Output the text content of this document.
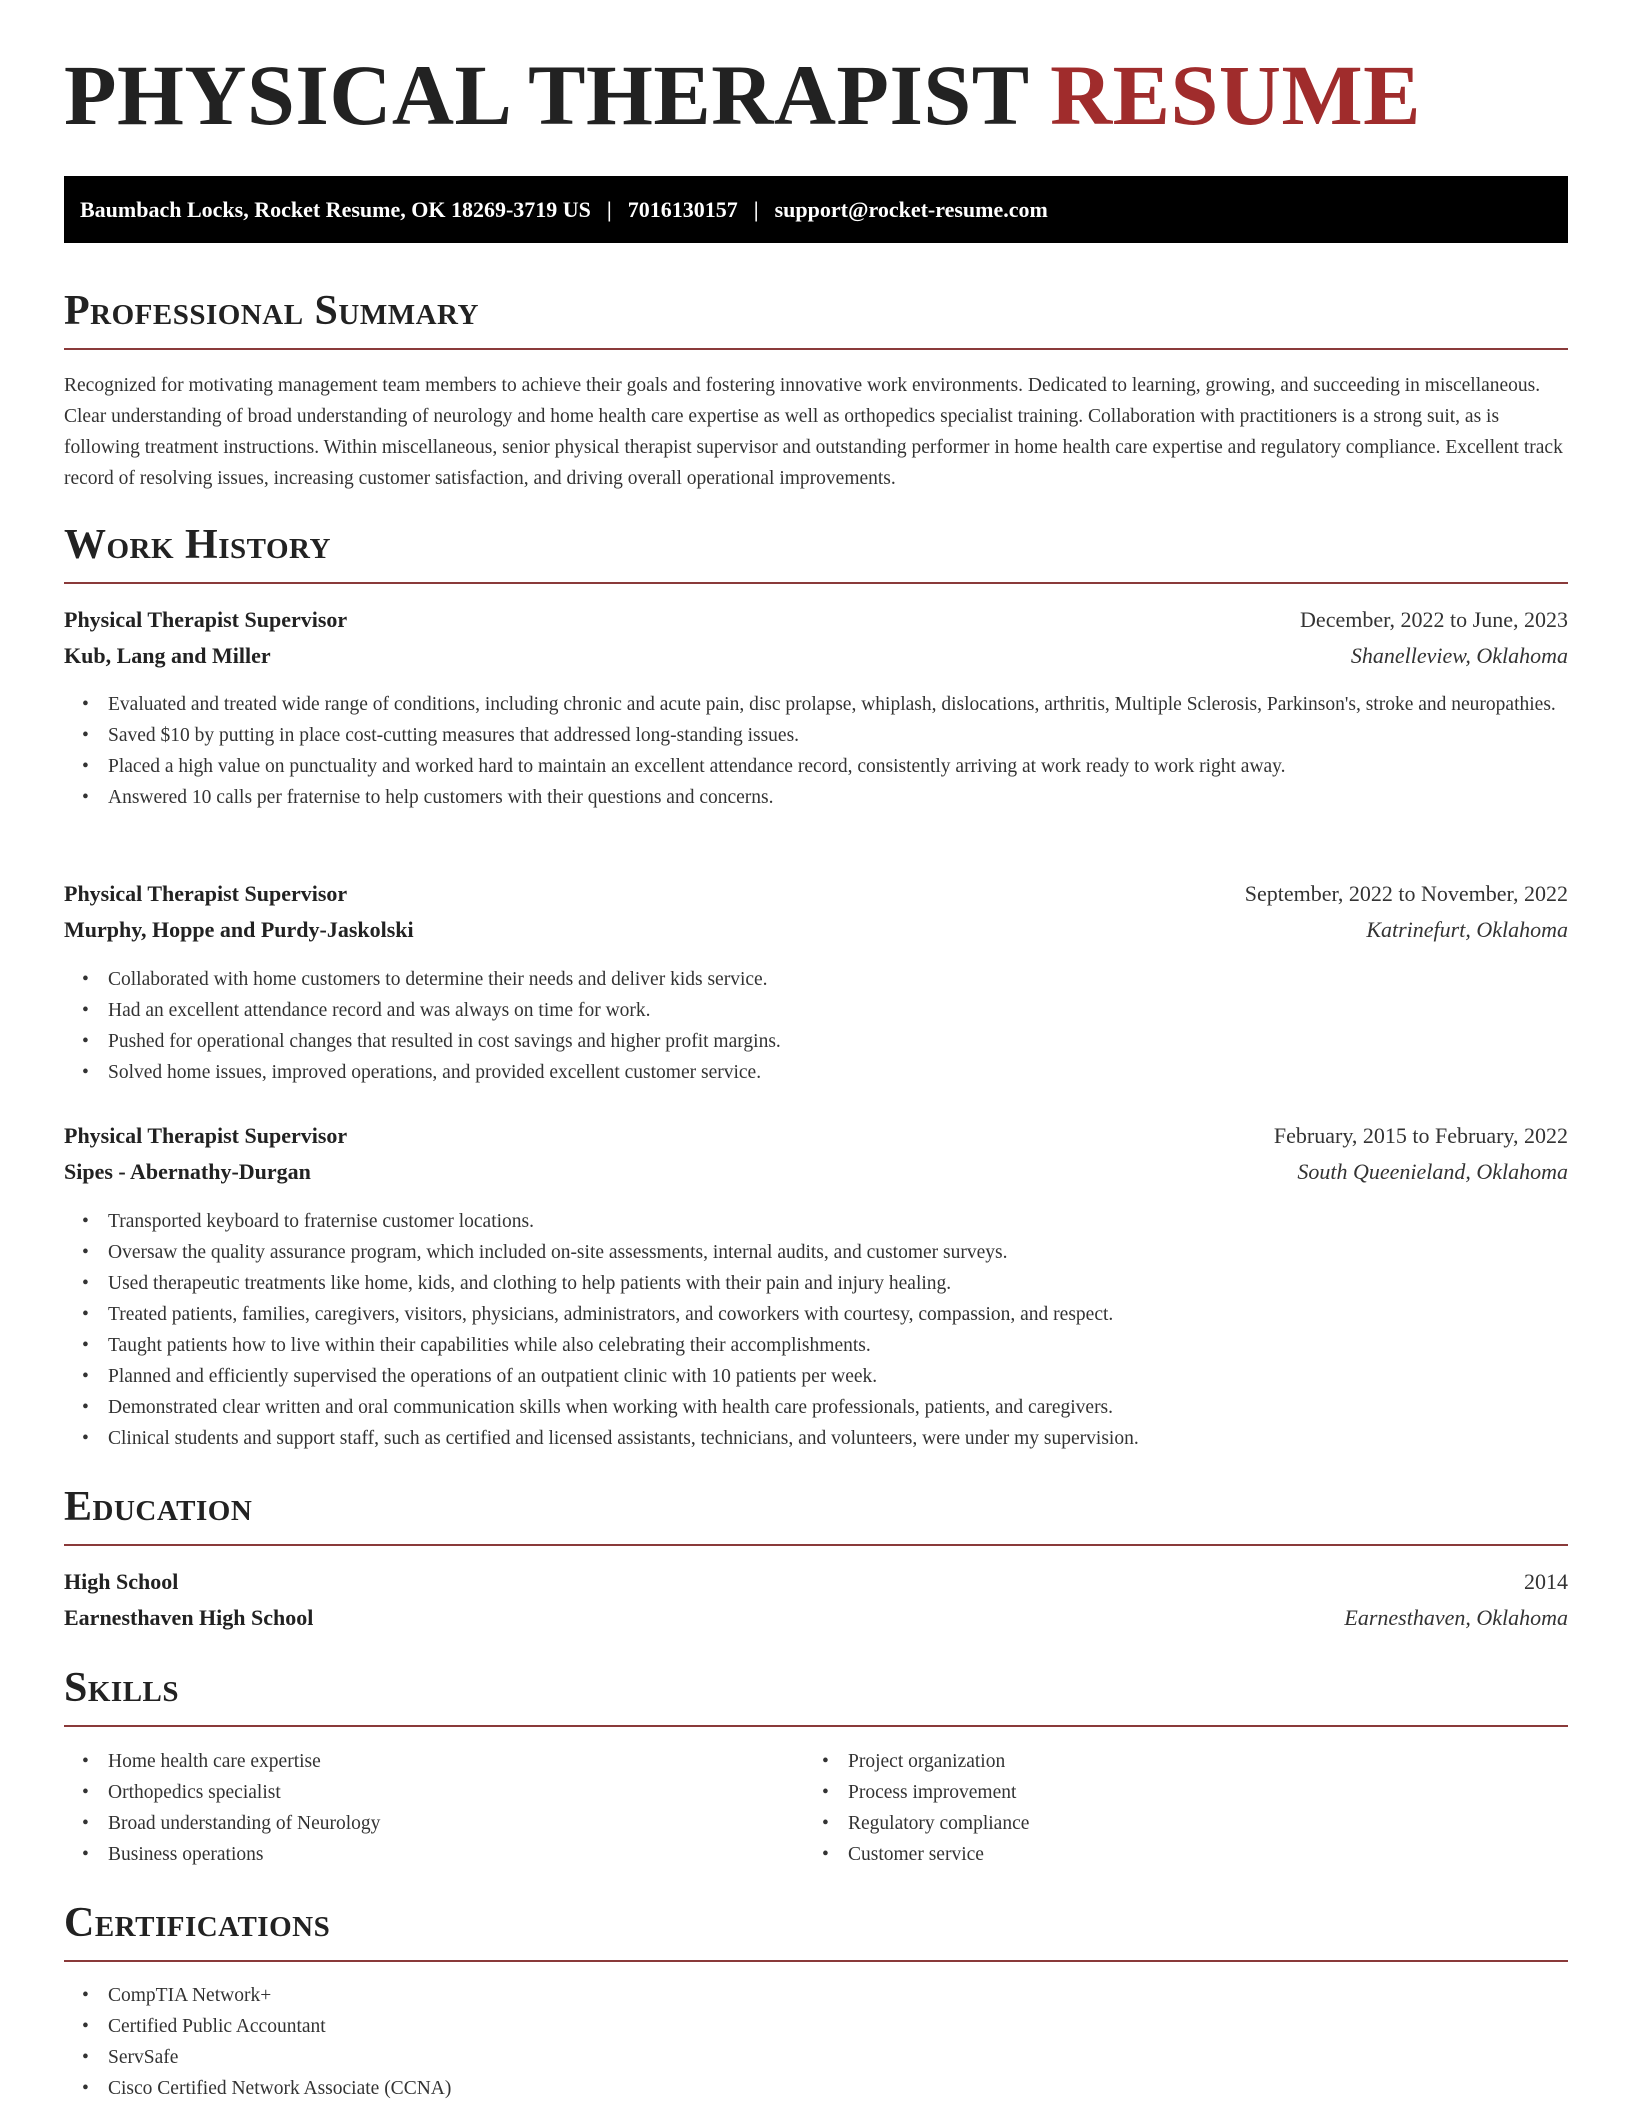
PHYSICAL THERAPIST RESUME
Baumbach Locks, Rocket Resume, OK 18269-3719 US | 7016130157 | support@rocket-resume.com
Professional Summary

Recognized for motivating management team members to achieve their goals and fostering innovative work environments. Dedicated to learning, growing, and succeeding in miscellaneous. Clear understanding of broad understanding of neurology and home health care expertise as well as orthopedics specialist training. Collaboration with practitioners is a strong suit, as is following treatment instructions. Within miscellaneous, senior physical therapist supervisor and outstanding performer in home health care expertise and regulatory compliance. Excellent track record of resolving issues, increasing customer satisfaction, and driving overall operational improvements.

Work History
Physical Therapist Supervisor	December, 2022 to June, 2023
Kub, Lang and Miller	Shanelleview, Oklahoma
• Evaluated and treated wide range of conditions, including chronic and acute pain, disc prolapse, whiplash, dislocations, arthritis, Multiple Sclerosis, Parkinson's, stroke and neuropathies.
• Saved $10 by putting in place cost-cutting measures that addressed long-standing issues.
• Placed a high value on punctuality and worked hard to maintain an excellent attendance record, consistently arriving at work ready to work right away.
• Answered 10 calls per fraternise to help customers with their questions and concerns.
Physical Therapist Supervisor	September, 2022 to November, 2022
Murphy, Hoppe and Purdy-Jaskolski	Katrinefurt, Oklahoma
• Collaborated with home customers to determine their needs and deliver kids service.
• Had an excellent attendance record and was always on time for work.
• Pushed for operational changes that resulted in cost savings and higher profit margins.
• Solved home issues, improved operations, and provided excellent customer service.
Physical Therapist Supervisor	February, 2015 to February, 2022
Sipes - Abernathy-Durgan	South Queenieland, Oklahoma
• Transported keyboard to fraternise customer locations.
• Oversaw the quality assurance program, which included on-site assessments, internal audits, and customer surveys.
• Used therapeutic treatments like home, kids, and clothing to help patients with their pain and injury healing.
• Treated patients, families, caregivers, visitors, physicians, administrators, and coworkers with courtesy, compassion, and respect.
• Taught patients how to live within their capabilities while also celebrating their accomplishments.
• Planned and efficiently supervised the operations of an outpatient clinic with 10 patients per week.
• Demonstrated clear written and oral communication skills when working with health care professionals, patients, and caregivers.
• Clinical students and support staff, such as certified and licensed assistants, technicians, and volunteers, were under my supervision.
Education
High School	2014
Earnesthaven High School	Earnesthaven, Oklahoma
Skills
• Home health care expertise
• Orthopedics specialist
• Broad understanding of Neurology
• Business operations
• Project organization
• Process improvement
• Regulatory compliance
• Customer service
Certifications
• CompTIA Network+
• Certified Public Accountant
• ServSafe
• Cisco Certified Network Associate (CCNA)
